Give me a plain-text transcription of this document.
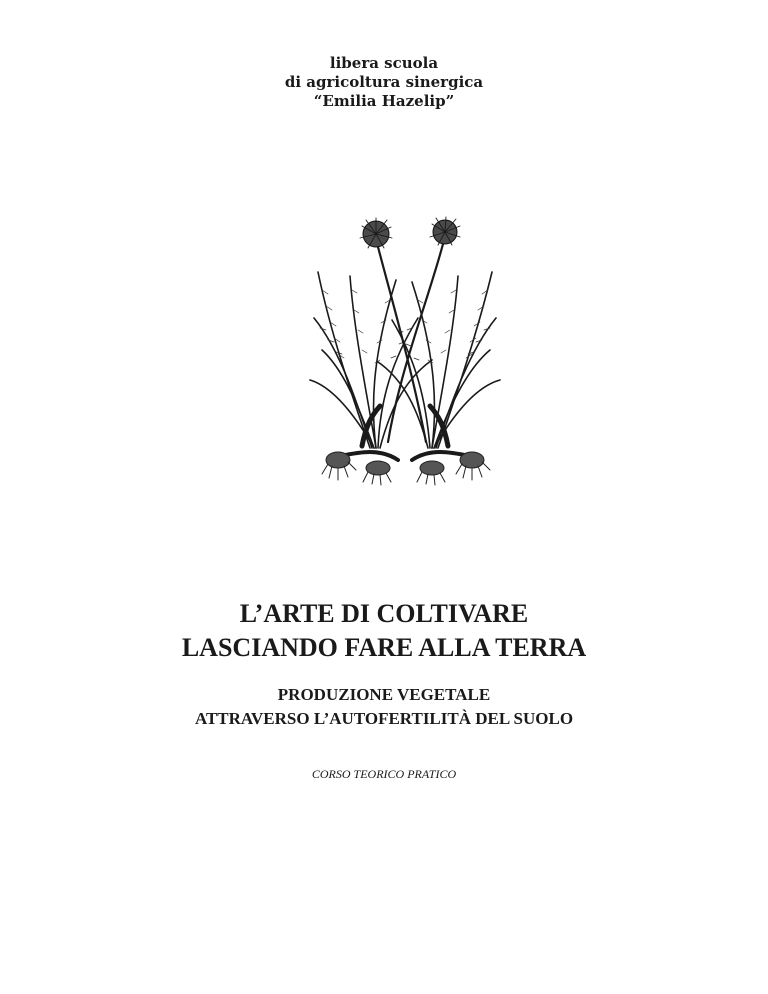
libera scuola
di agricoltura sinergica
“Emilia Hazelip”
L’ARTE DI COLTIVARE
LASCIANDO FARE ALLA TERRA
PRODUZIONE VEGETALE
ATTRAVERSO L’AUTOFERTILITÀ DEL SUOLO
CORSO TEORICO PRATICO
